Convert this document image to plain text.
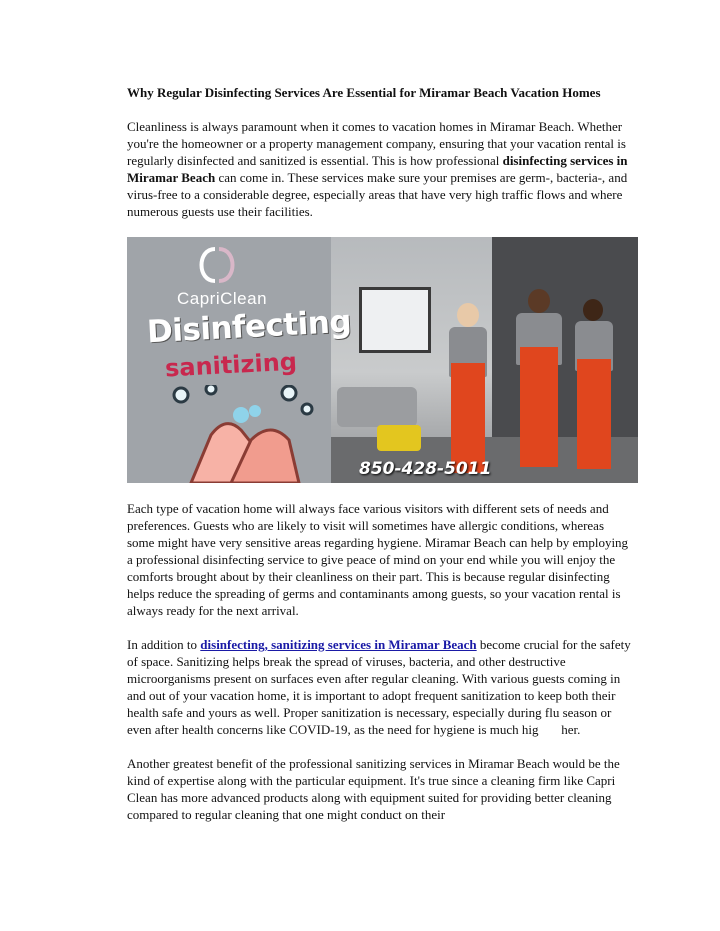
Why Regular Disinfecting Services Are Essential for Miramar Beach Vacation Homes

Cleanliness is always paramount when it comes to vacation homes in Miramar Beach. Whether you're the homeowner or a property management company, ensuring that your vacation rental is regularly disinfected and sanitized is essential. This is how professional disinfecting services in Miramar Beach can come in. These services make sure your premises are germ-, bacteria-, and virus-free to a considerable degree, especially areas that have very high traffic flows and where numerous guests use their facilities.

CapriClean
Disinfecting
sanitizing
850-428-5011

Each type of vacation home will always face various visitors with different sets of needs and preferences. Guests who are likely to visit will sometimes have allergic conditions, whereas some might have very sensitive areas regarding hygiene. Miramar Beach can help by employing a professional disinfecting service to give peace of mind on your end while you will enjoy the comforts brought about by their cleanliness on their part. This is because regular disinfecting helps reduce the spreading of germs and contaminants among guests, so your vacation rental is always ready for the next arrival.

In addition to disinfecting, sanitizing services in Miramar Beach become crucial for the safety of space. Sanitizing helps break the spread of viruses, bacteria, and other destructive microorganisms present on surfaces even after regular cleaning. With various guests coming in and out of your vacation home, it is important to adopt frequent sanitization to keep both their health safe and yours as well. Proper sanitization is necessary, especially during flu season or even after health concerns like COVID-19, as the need for hygiene is much hig       her.

Another greatest benefit of the professional sanitizing services in Miramar Beach would be the kind of expertise along with the particular equipment. It's true since a cleaning firm like Capri Clean has more advanced products along with equipment suited for providing better cleaning compared to regular cleaning that one might conduct on their
